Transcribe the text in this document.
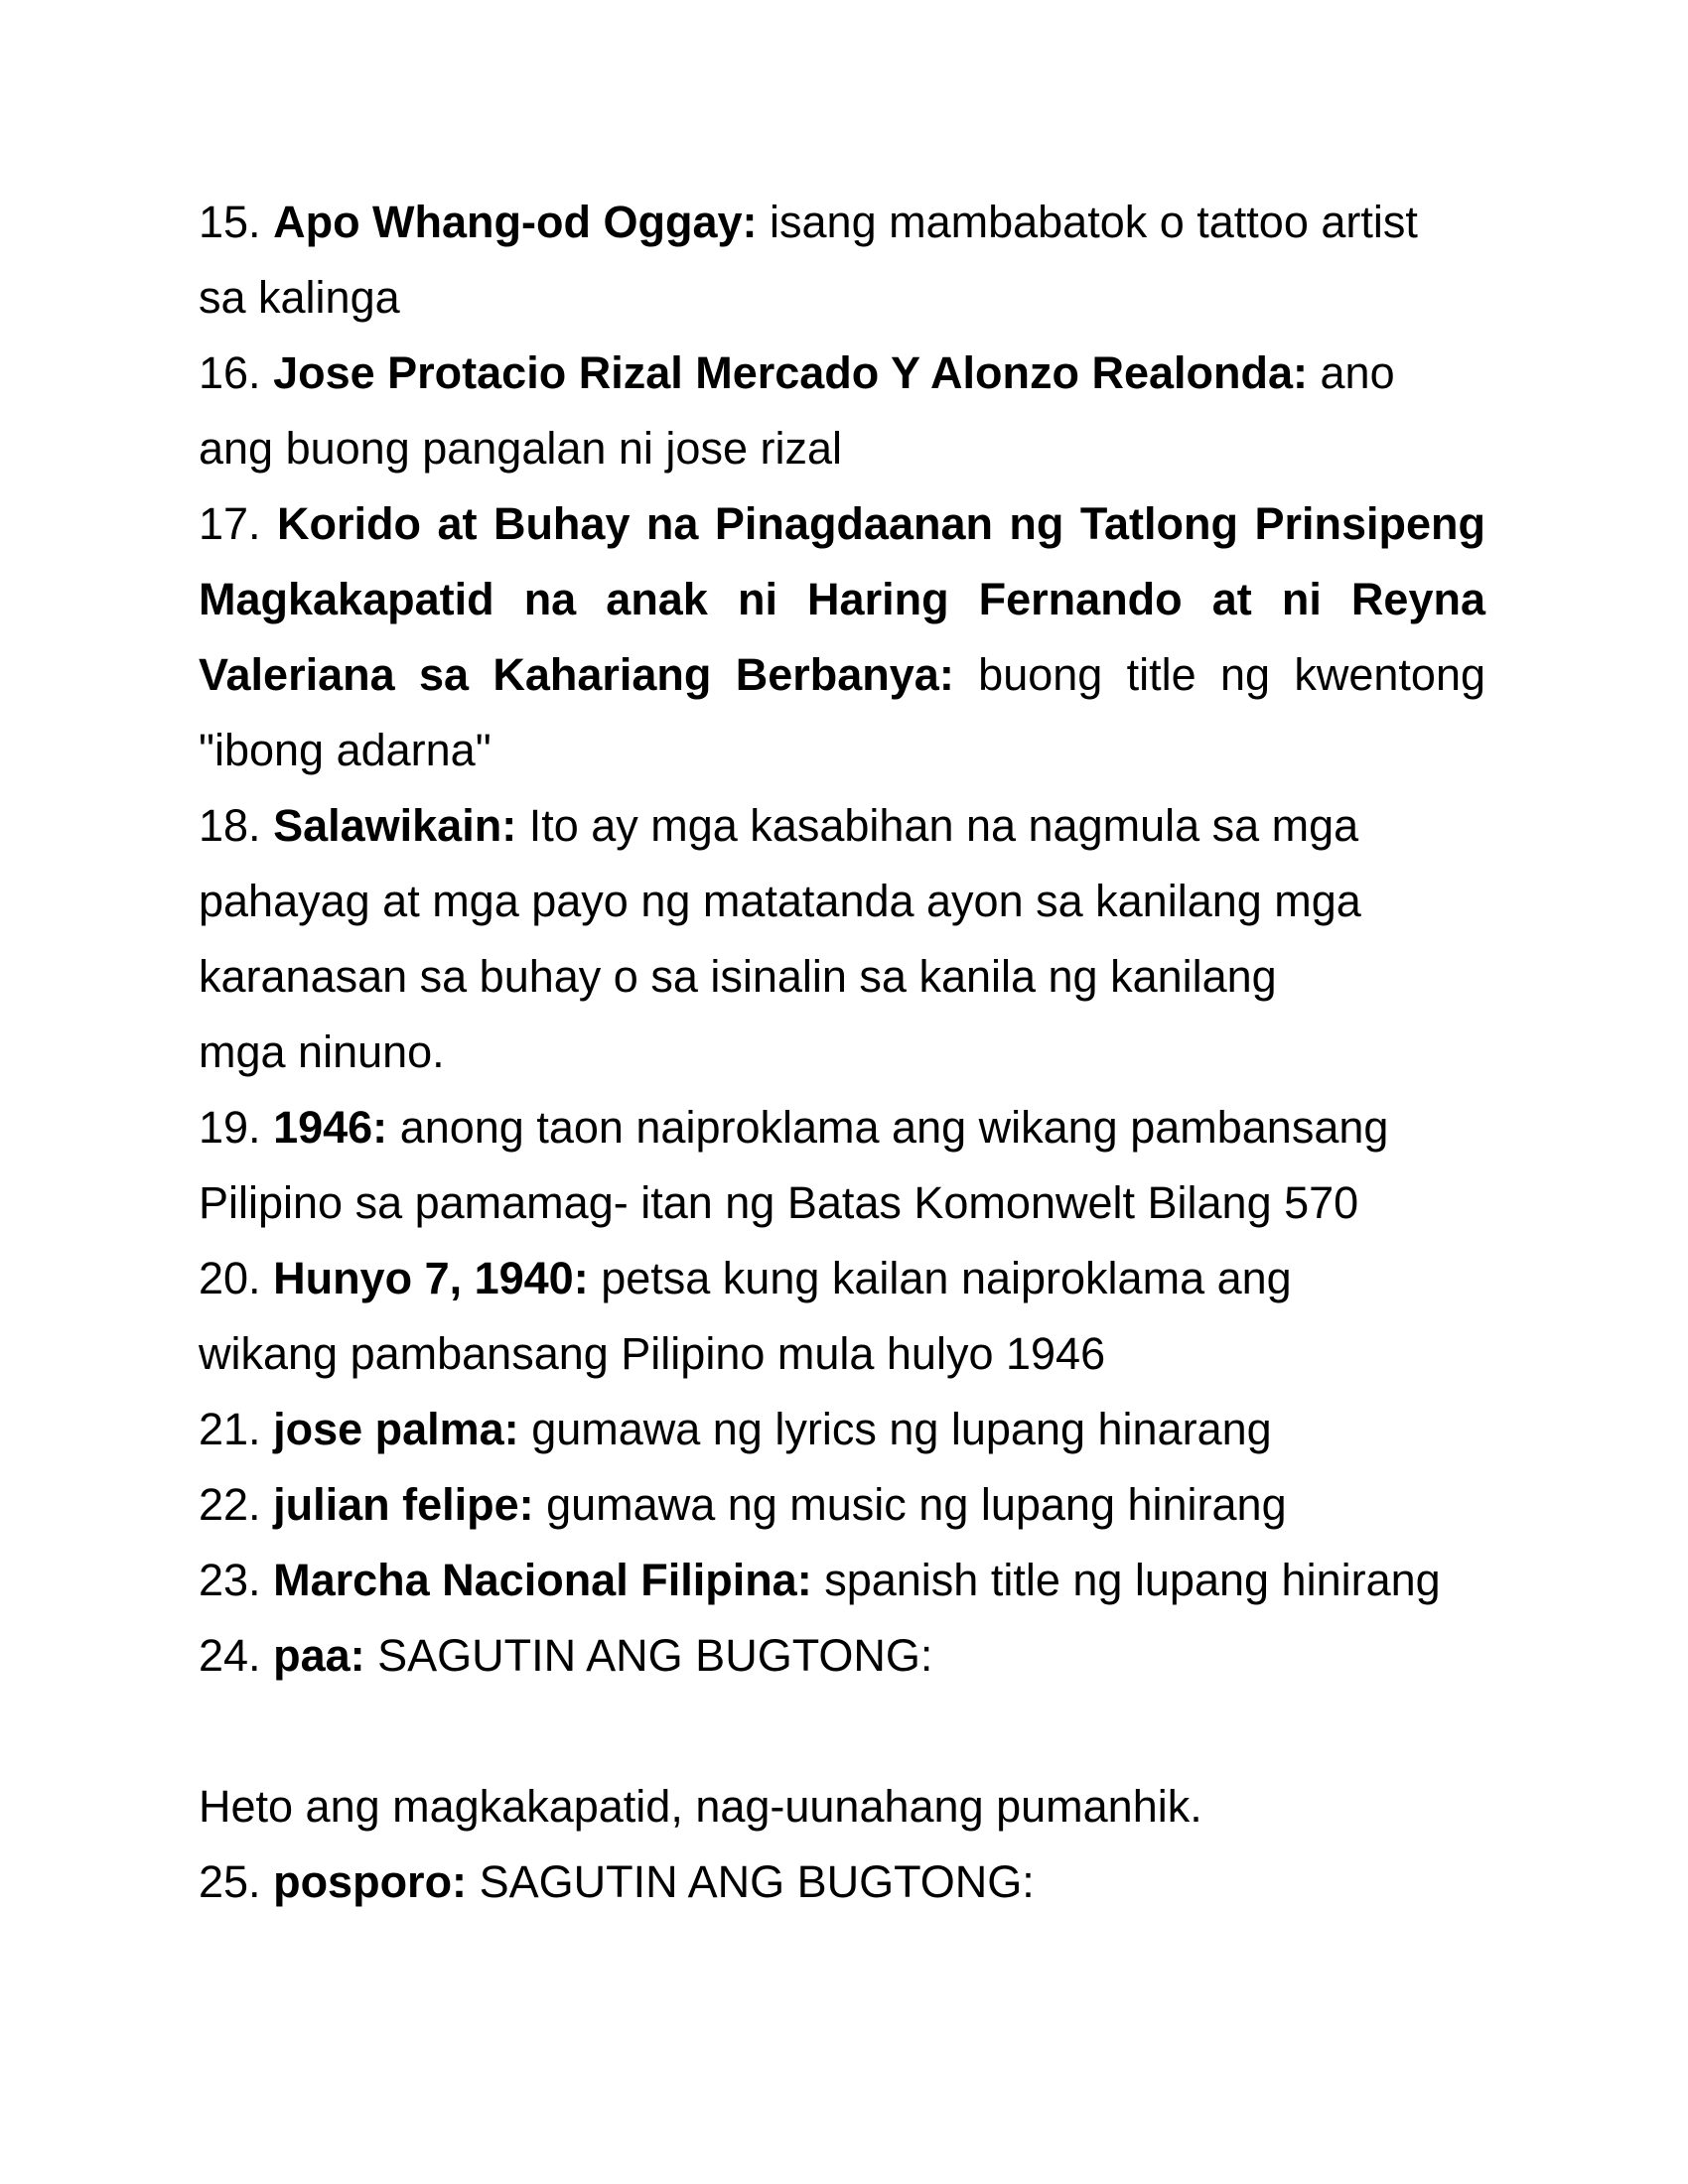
15. Apo Whang-od Oggay: isang mambabatok o tattoo artist sa kalinga

16. Jose Protacio Rizal Mercado Y Alonzo Realonda: ano ang buong pangalan ni jose rizal

17. Korido at Buhay na Pinagdaanan ng Tatlong Prinsipeng Magkakapatid na anak ni Haring Fernando at ni Reyna Valeriana sa Kahariang Berbanya: buong title ng kwentong "ibong adarna"

18. Salawikain: Ito ay mga kasabihan na nagmula sa mga pahayag at mga payo ng matatanda ayon sa kanilang mga karanasan sa buhay o sa isinalin sa kanila ng kanilang mga ninuno.

19. 1946: anong taon naiproklama ang wikang pambansang Pilipino sa pamamag- itan ng Batas Komonwelt Bilang 570

20. Hunyo 7, 1940: petsa kung kailan naiproklama ang wikang pambansang Pilipino mula hulyo 1946

21. jose palma: gumawa ng lyrics ng lupang hinarang

22. julian felipe: gumawa ng music ng lupang hinirang

23. Marcha Nacional Filipina: spanish title ng lupang hinirang

24. paa: SAGUTIN ANG BUGTONG:

Heto ang magkakapatid, nag-uunahang pumanhik.

25. posporo: SAGUTIN ANG BUGTONG:
